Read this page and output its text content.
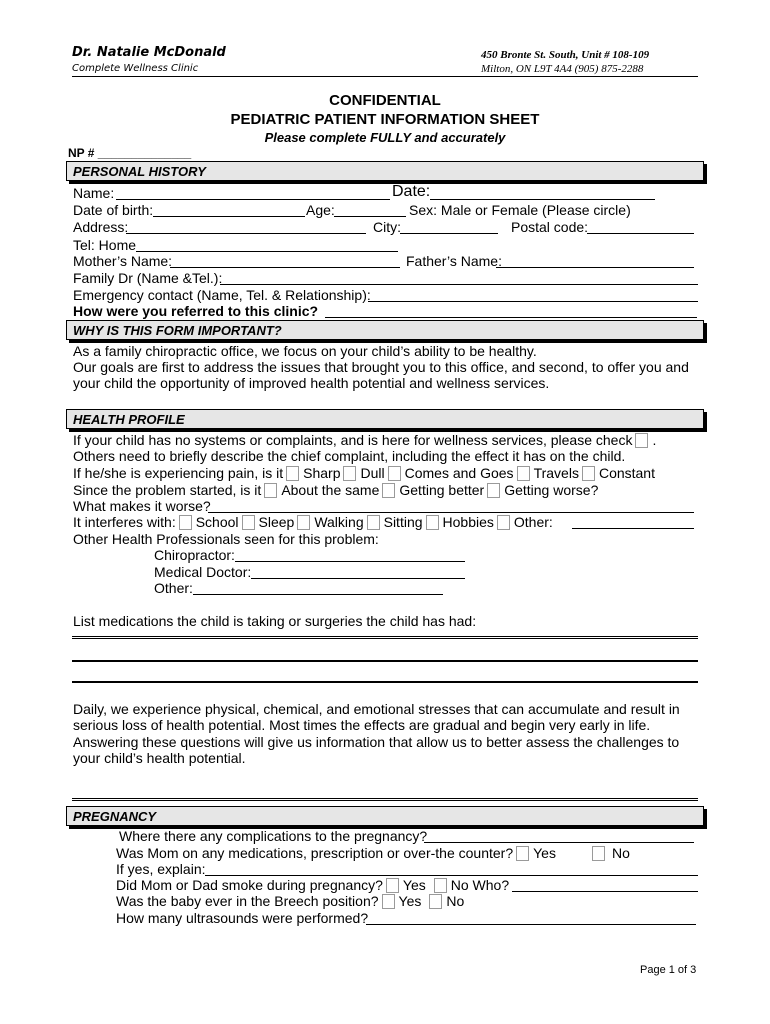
Dr. Natalie McDonald
Complete Wellness Clinic
450 Bronte St. South, Unit # 108-109
Milton, ON L9T 4A4 (905) 875-2288
CONFIDENTIAL
PEDIATRIC PATIENT INFORMATION SHEET
Please complete FULLY and accurately
NP # ______________
PERSONAL HISTORY
Name:	Date:
Date of birth:	Age:	Sex: Male or Female (Please circle)
Address:	City:	Postal code:
Tel: Home
Mother’s Name:	Father’s Name:
Family Dr (Name &Tel.):
Emergency contact (Name, Tel. & Relationship):
How were you referred to this clinic?
WHY IS THIS FORM IMPORTANT?
As a family chiropractic office, we focus on your child’s ability to be healthy.
Our goals are first to address the issues that brought you to this office, and second, to offer you and
your child the opportunity of improved health potential and wellness services.
HEALTH PROFILE
If your child has no systems or complaints, and is here for wellness services, please check .
Others need to briefly describe the chief complaint, including the effect it has on the child.
If he/she is experiencing pain, is it Sharp Dull Comes and Goes Travels Constant
Since the problem started, is it About the same Getting better Getting worse?
What makes it worse?
It interferes with: School Sleep Walking Sitting Hobbies Other:
Other Health Professionals seen for this problem:
Chiropractor:
Medical Doctor:
Other:
List medications the child is taking or surgeries the child has had:
Daily, we experience physical, chemical, and emotional stresses that can accumulate and result in
serious loss of health potential. Most times the effects are gradual and begin very early in life.
Answering these questions will give us information that allow us to better assess the challenges to
your child’s health potential.
PREGNANCY
Where there any complications to the pregnancy?
Was Mom on any medications, prescription or over-the counter? Yes	No
If yes, explain:
Did Mom or Dad smoke during pregnancy? Yes No Who?
Was the baby ever in the Breech position? Yes No
How many ultrasounds were performed?
Page 1 of 3
